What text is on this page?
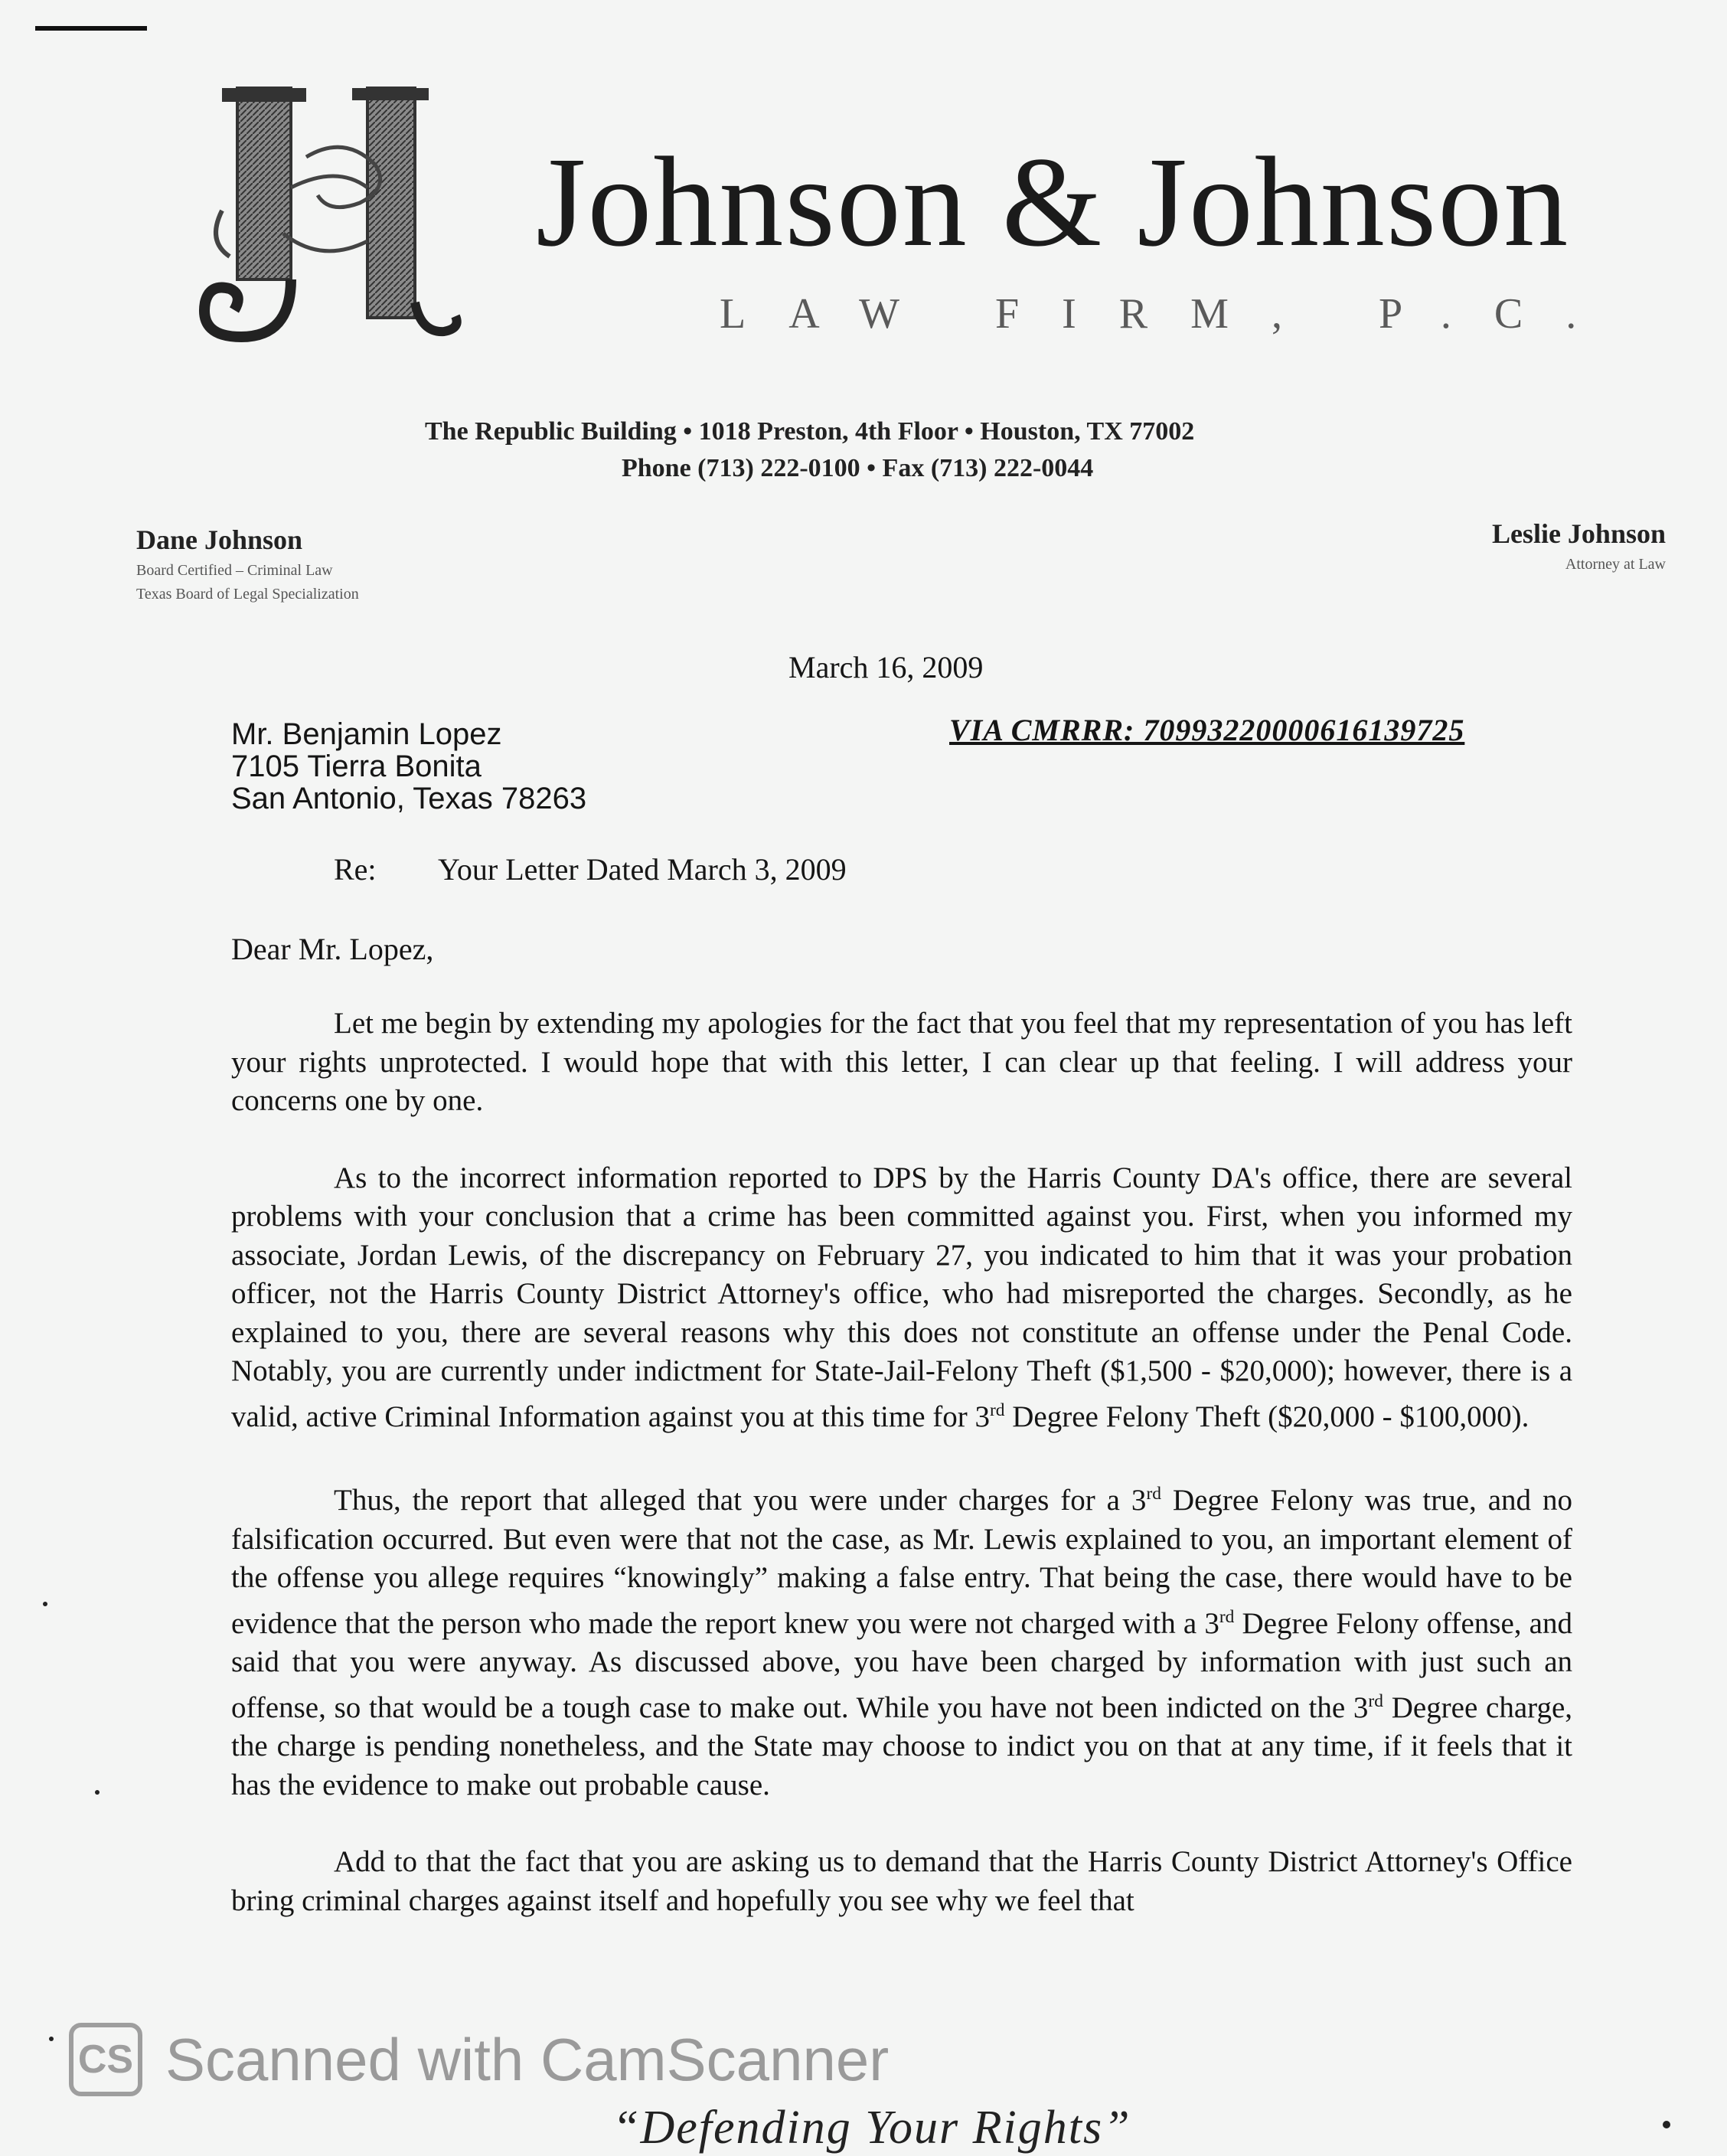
Johnson & Johnson
LAW FIRM, P.C.
The Republic Building • 1018 Preston, 4th Floor • Houston, TX 77002
Phone (713) 222-0100 • Fax (713) 222-0044
Dane Johnson
Board Certified – Criminal Law
Texas Board of Legal Specialization
Leslie Johnson
Attorney at Law
March 16, 2009
Mr. Benjamin Lopez
7105 Tierra Bonita
San Antonio, Texas 78263
VIA CMRRR: 70993220000616139725
Re: Your Letter Dated March 3, 2009
Dear Mr. Lopez,

Let me begin by extending my apologies for the fact that you feel that my representation of you has left your rights unprotected. I would hope that with this letter, I can clear up that feeling. I will address your concerns one by one.

As to the incorrect information reported to DPS by the Harris County DA's office, there are several problems with your conclusion that a crime has been committed against you. First, when you informed my associate, Jordan Lewis, of the discrepancy on February 27, you indicated to him that it was your probation officer, not the Harris County District Attorney's office, who had misreported the charges. Secondly, as he explained to you, there are several reasons why this does not constitute an offense under the Penal Code. Notably, you are currently under indictment for State-Jail-Felony Theft ($1,500 - $20,000); however, there is a valid, active Criminal Information against you at this time for 3rd Degree Felony Theft ($20,000 - $100,000).

Thus, the report that alleged that you were under charges for a 3rd Degree Felony was true, and no falsification occurred. But even were that not the case, as Mr. Lewis explained to you, an important element of the offense you allege requires “knowingly” making a false entry. That being the case, there would have to be evidence that the person who made the report knew you were not charged with a 3rd Degree Felony offense, and said that you were anyway. As discussed above, you have been charged by information with just such an offense, so that would be a tough case to make out. While you have not been indicted on the 3rd Degree charge, the charge is pending nonetheless, and the State may choose to indict you on that at any time, if it feels that it has the evidence to make out probable cause.

Add to that the fact that you are asking us to demand that the Harris County District Attorney's Office bring criminal charges against itself and hopefully you see why we feel that

CS Scanned with CamScanner
“Defending Your Rights”
